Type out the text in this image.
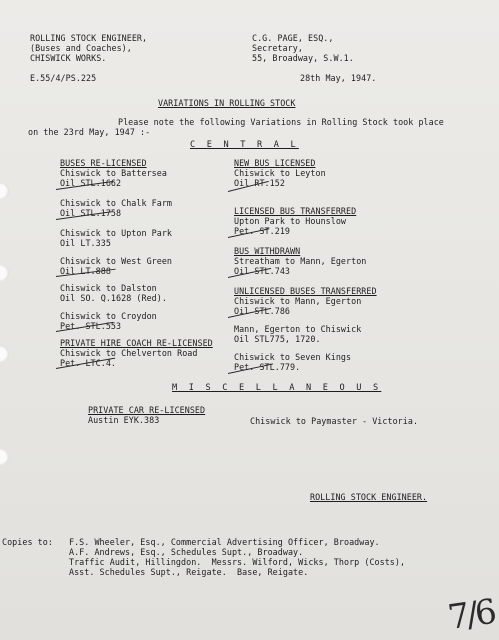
ROLLING STOCK ENGINEER,
(Buses and Coaches),
CHISWICK WORKS.
C.G. PAGE, ESQ.,
Secretary,
55, Broadway, S.W.1.
E.55/4/PS.225	28th May, 1947.
VARIATIONS IN ROLLING STOCK
Please note the following Variations in Rolling Stock took place
on the 23rd May, 1947 :-
C E N T R A L
BUSES RE-LICENSED
Chiswick to Battersea
Oil STL.1662
Chiswick to Chalk Farm
Oil STL.1758
Chiswick to Upton Park
Oil LT.335
Chiswick to West Green
Oil LT.888
Chiswick to Dalston
Oil SO. Q.1628 (Red).
Chiswick to Croydon
Pet. STL.553
PRIVATE HIRE COACH RE-LICENSED
Chiswick to Chelverton Road
Pet. LTC.4.
NEW BUS LICENSED
Chiswick to Leyton
Oil RT.152
LICENSED BUS TRANSFERRED
Upton Park to Hounslow
Pet. ST.219
BUS WITHDRAWN
Streatham to Mann, Egerton
Oil STL.743
UNLICENSED BUSES TRANSFERRED
Chiswick to Mann, Egerton
Oil STL.786
Mann, Egerton to Chiswick
Oil STL775, 1720.
Chiswick to Seven Kings
Pet. STL.779.
M I S C E L L A N E O U S
PRIVATE CAR RE-LICENSED
Austin EYK.383	Chiswick to Paymaster - Victoria.
ROLLING STOCK ENGINEER.
Copies to: F.S. Wheeler, Esq., Commercial Advertising Officer, Broadway.
A.F. Andrews, Esq., Schedules Supt., Broadway.
Traffic Audit, Hillingdon.  Messrs. Wilford, Wicks, Thorp (Costs),
Asst. Schedules Supt., Reigate.  Base, Reigate.
7/6
